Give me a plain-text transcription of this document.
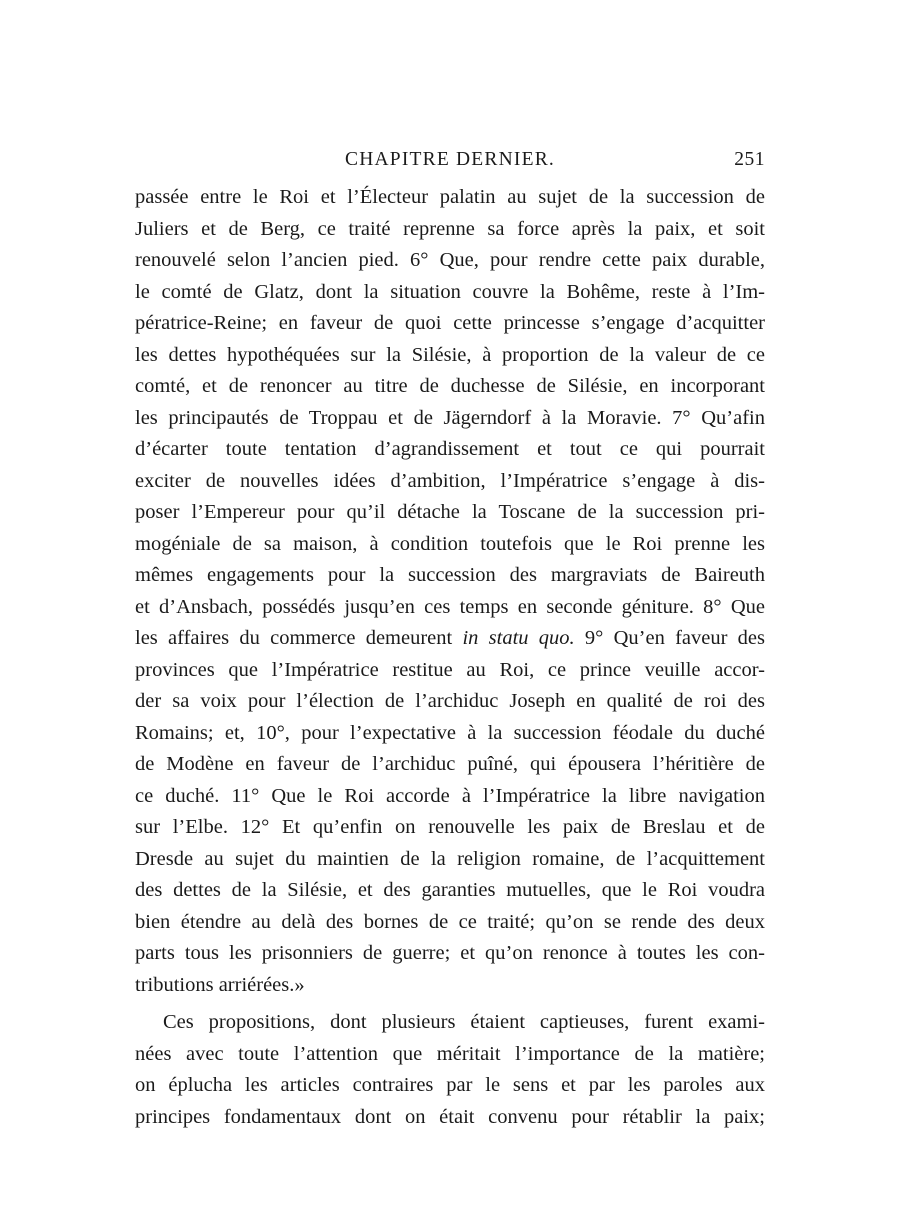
CHAPITRE DERNIER.	251
passée entre le Roi et l’Électeur palatin au sujet de la succession de
Juliers et de Berg, ce traité reprenne sa force après la paix, et soit
renouvelé selon l’ancien pied. 6° Que, pour rendre cette paix durable,
le comté de Glatz, dont la situation couvre la Bohême, reste à l’Im-
pératrice-Reine; en faveur de quoi cette princesse s’engage d’acquitter
les dettes hypothéquées sur la Silésie, à proportion de la valeur de ce
comté, et de renoncer au titre de duchesse de Silésie, en incorporant
les principautés de Troppau et de Jägerndorf à la Moravie. 7° Qu’afin
d’écarter toute tentation d’agrandissement et tout ce qui pourrait
exciter de nouvelles idées d’ambition, l’Impératrice s’engage à dis-
poser l’Empereur pour qu’il détache la Toscane de la succession pri-
mogéniale de sa maison, à condition toutefois que le Roi prenne les
mêmes engagements pour la succession des margraviats de Baireuth
et d’Ansbach, possédés jusqu’en ces temps en seconde géniture. 8° Que
les affaires du commerce demeurent in statu quo. 9° Qu’en faveur des
provinces que l’Impératrice restitue au Roi, ce prince veuille accor-
der sa voix pour l’élection de l’archiduc Joseph en qualité de roi des
Romains; et, 10°, pour l’expectative à la succession féodale du duché
de Modène en faveur de l’archiduc puîné, qui épousera l’héritière de
ce duché. 11° Que le Roi accorde à l’Impératrice la libre navigation
sur l’Elbe. 12° Et qu’enfin on renouvelle les paix de Breslau et de
Dresde au sujet du maintien de la religion romaine, de l’acquittement
des dettes de la Silésie, et des garanties mutuelles, que le Roi voudra
bien étendre au delà des bornes de ce traité; qu’on se rende des deux
parts tous les prisonniers de guerre; et qu’on renonce à toutes les con-
tributions arriérées.»
Ces propositions, dont plusieurs étaient captieuses, furent exami-
nées avec toute l’attention que méritait l’importance de la matière;
on éplucha les articles contraires par le sens et par les paroles aux
principes fondamentaux dont on était convenu pour rétablir la paix;
